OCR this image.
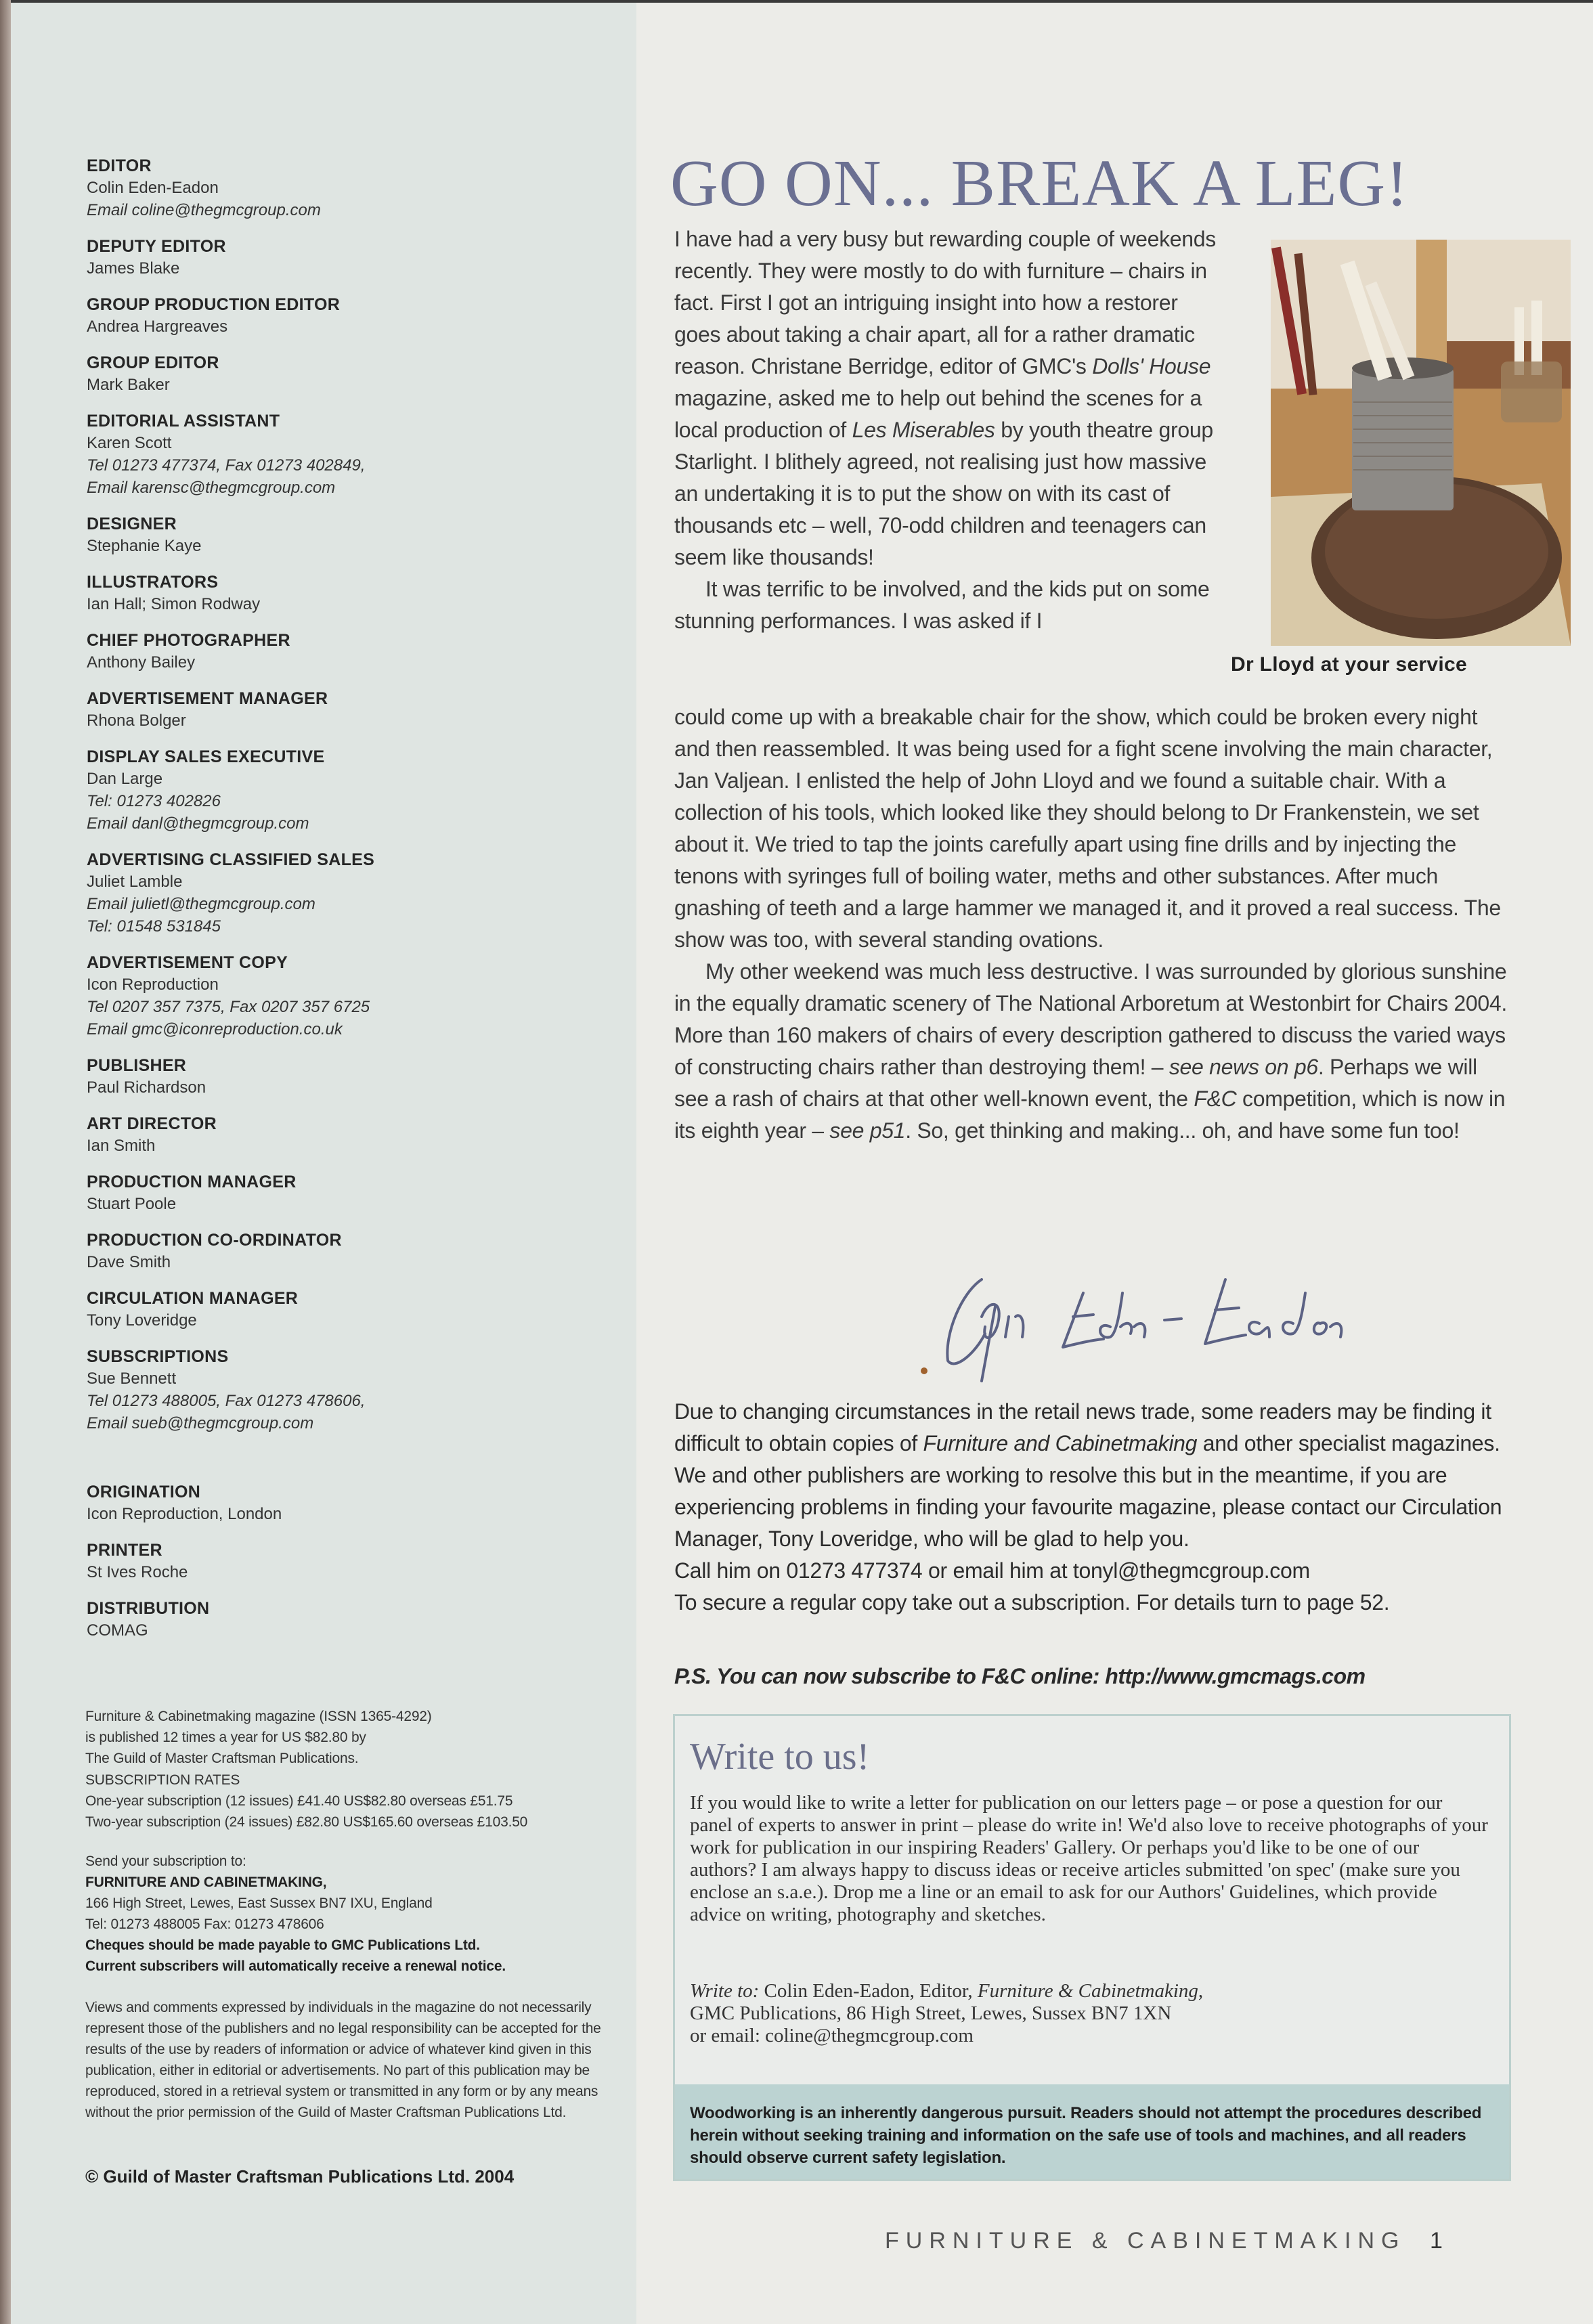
EDITOR
Colin Eden-Eadon
Email coline@thegmcgroup.com
DEPUTY EDITOR
James Blake
GROUP PRODUCTION EDITOR
Andrea Hargreaves
GROUP EDITOR
Mark Baker
EDITORIAL ASSISTANT
Karen Scott
Tel 01273 477374, Fax 01273 402849,
Email karensc@thegmcgroup.com
DESIGNER
Stephanie Kaye
ILLUSTRATORS
Ian Hall; Simon Rodway
CHIEF PHOTOGRAPHER
Anthony Bailey
ADVERTISEMENT MANAGER
Rhona Bolger
DISPLAY SALES EXECUTIVE
Dan Large
Tel: 01273 402826
Email danl@thegmcgroup.com
ADVERTISING CLASSIFIED SALES
Juliet Lamble
Email julietl@thegmcgroup.com
Tel: 01548 531845
ADVERTISEMENT COPY
Icon Reproduction
Tel 0207 357 7375, Fax 0207 357 6725
Email gmc@iconreproduction.co.uk
PUBLISHER
Paul Richardson
ART DIRECTOR
Ian Smith
PRODUCTION MANAGER
Stuart Poole
PRODUCTION CO-ORDINATOR
Dave Smith
CIRCULATION MANAGER
Tony Loveridge
SUBSCRIPTIONS
Sue Bennett
Tel 01273 488005, Fax 01273 478606,
Email sueb@thegmcgroup.com
ORIGINATION
Icon Reproduction, London
PRINTER
St Ives Roche
DISTRIBUTION
COMAG
Furniture & Cabinetmaking magazine (ISSN 1365-4292)
is published 12 times a year for US $82.80 by
The Guild of Master Craftsman Publications.
SUBSCRIPTION RATES
One-year subscription (12 issues) £41.40 US$82.80 overseas £51.75
Two-year subscription (24 issues) £82.80 US$165.60 overseas £103.50
Send your subscription to:
FURNITURE AND CABINETMAKING,
166 High Street, Lewes, East Sussex BN7 IXU, England
Tel: 01273 488005 Fax: 01273 478606
Cheques should be made payable to GMC Publications Ltd.
Current subscribers will automatically receive a renewal notice.
Views and comments expressed by individuals in the magazine do not necessarily represent those of the publishers and no legal responsibility can be accepted for the results of the use by readers of information or advice of whatever kind given in this publication, either in editorial or advertisements. No part of this publication may be reproduced, stored in a retrieval system or transmitted in any form or by any means without the prior permission of the Guild of Master Craftsman Publications Ltd.
© Guild of Master Craftsman Publications Ltd. 2004
GO ON... BREAK A LEG!

I have had a very busy but rewarding couple of weekends recently. They were mostly to do with furniture – chairs in fact. First I got an intriguing insight into how a restorer goes about taking a chair apart, all for a rather dramatic reason. Christane Berridge, editor of GMC's Dolls' House magazine, asked me to help out behind the scenes for a local production of Les Miserables by youth theatre group Starlight. I blithely agreed, not realising just how massive an undertaking it is to put the show on with its cast of thousands etc – well, 70-odd children and teenagers can seem like thousands!

It was terrific to be involved, and the kids put on some stunning performances. I was asked if I

Dr Lloyd at your service

could come up with a breakable chair for the show, which could be broken every night and then reassembled. It was being used for a fight scene involving the main character, Jan Valjean. I enlisted the help of John Lloyd and we found a suitable chair. With a collection of his tools, which looked like they should belong to Dr Frankenstein, we set about it. We tried to tap the joints carefully apart using fine drills and by injecting the tenons with syringes full of boiling water, meths and other substances. After much gnashing of teeth and a large hammer we managed it, and it proved a real success. The show was too, with several standing ovations.

My other weekend was much less destructive. I was surrounded by glorious sunshine in the equally dramatic scenery of The National Arboretum at Westonbirt for Chairs 2004. More than 160 makers of chairs of every description gathered to discuss the varied ways of constructing chairs rather than destroying them! – see news on p6. Perhaps we will see a rash of chairs at that other well-known event, the F&C competition, which is now in its eighth year – see p51. So, get thinking and making... oh, and have some fun too!

Due to changing circumstances in the retail news trade, some readers may be finding it difficult to obtain copies of Furniture and Cabinetmaking and other specialist magazines. We and other publishers are working to resolve this but in the meantime, if you are experiencing problems in finding your favourite magazine, please contact our Circulation Manager, Tony Loveridge, who will be glad to help you.

Call him on 01273 477374 or email him at tonyl@thegmcgroup.com

To secure a regular copy take out a subscription. For details turn to page 52.

P.S. You can now subscribe to F&C online: http://www.gmcmags.com
Write to us!

If you would like to write a letter for publication on our letters page – or pose a question for our panel of experts to answer in print – please do write in! We'd also love to receive photographs of your work for publication in our inspiring Readers' Gallery. Or perhaps you'd like to be one of our authors? I am always happy to discuss ideas or receive articles submitted 'on spec' (make sure you enclose an s.a.e.). Drop me a line or an email to ask for our Authors' Guidelines, which provide advice on writing, photography and sketches.

Write to: Colin Eden-Eadon, Editor, Furniture & Cabinetmaking,

GMC Publications, 86 High Street, Lewes, Sussex BN7 1XN

or email: coline@thegmcgroup.com

Woodworking is an inherently dangerous pursuit. Readers should not attempt the procedures described herein without seeking training and information on the safe use of tools and machines, and all readers should observe current safety legislation.
FURNITURE & CABINETMAKING 1
